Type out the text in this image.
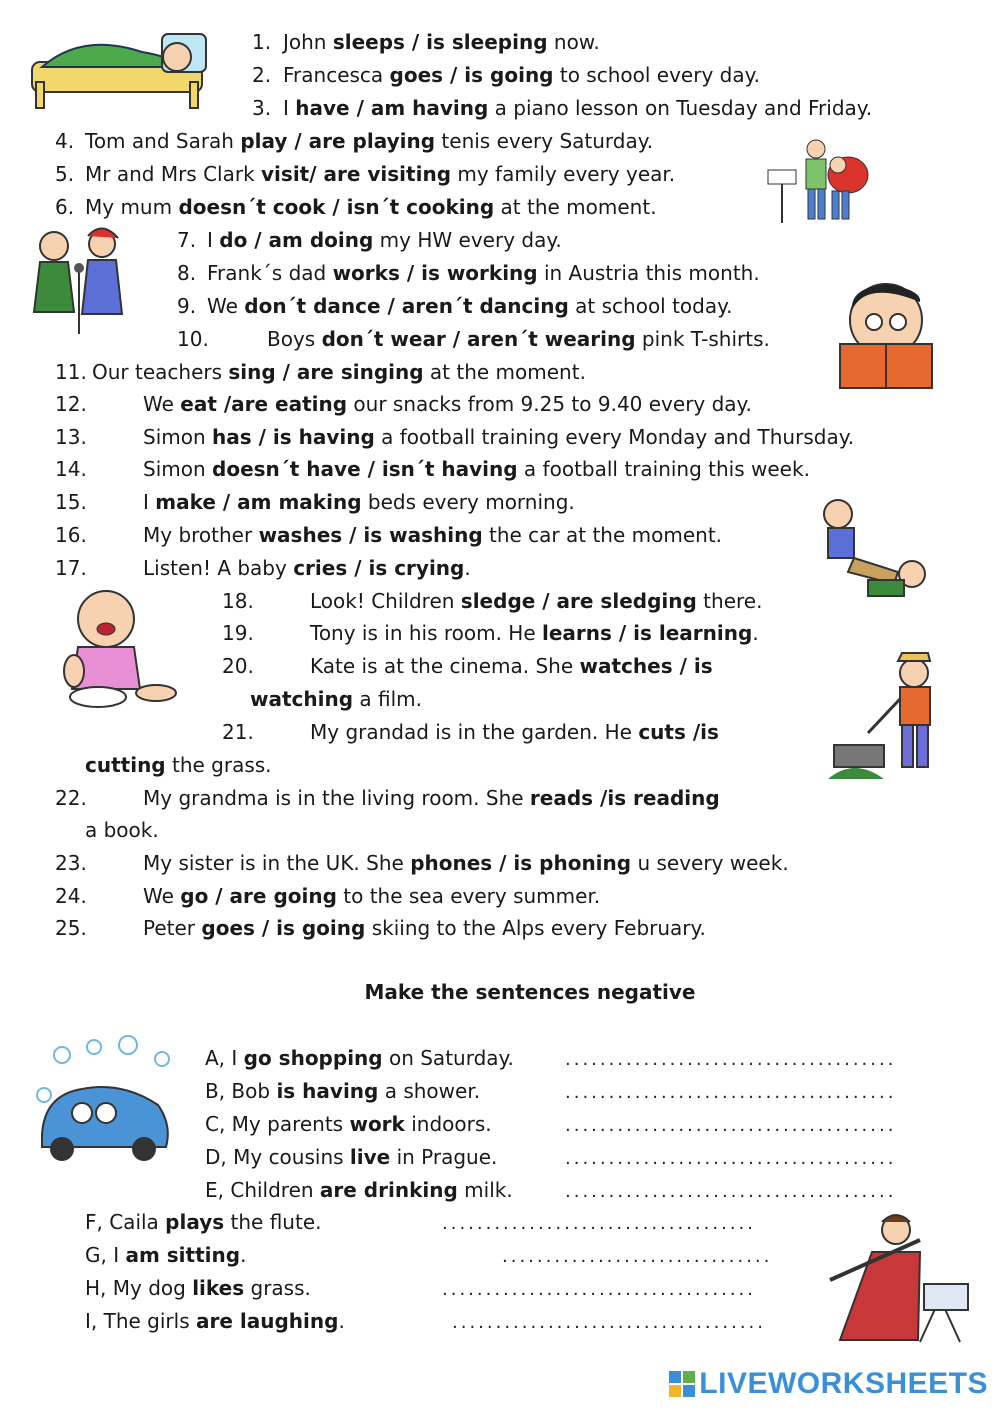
1. John sleeps / is sleeping now.
2. Francesca goes / is going to school every day.
3. I have / am having a piano lesson on Tuesday and Friday.
4. Tom and Sarah play / are playing tenis every Saturday.
5. Mr and Mrs Clark visit/ are visiting my family every year.
6. My mum doesn´t cook / isn´t cooking at the moment.
7. I do / am doing my HW every day.
8. Frank´s dad works / is working in Austria this month.
9. We don´t dance / aren´t dancing at school today.
10.	Boys don´t wear / aren´t wearing pink T-shirts.
11. Our teachers sing / are singing at the moment.
12.	We eat /are eating our snacks from 9.25 to 9.40 every day.
13.	Simon has / is having a football training every Monday and Thursday.
14.	Simon doesn´t have / isn´t having a football training this week.
15.	I make / am making beds every morning.
16.	My brother washes / is washing the car at the moment.
17.	Listen! A baby cries / is crying.
18.	Look! Children sledge / are sledging there.
19.	Tony is in his room. He learns / is learning.
20.	Kate is at the cinema. She watches / is
watching a film.
21.	My grandad is in the garden. He cuts /is
cutting the grass.
22.	My grandma is in the living room. She reads /is reading
a book.
23.	My sister is in the UK. She phones / is phoning u severy week.
24.	We go / are going to the sea every summer.
25.	Peter goes / is going skiing to the Alps every February.
Make the sentences negative
A, I go shopping on Saturday.	......................................
B, Bob is having a shower.	......................................
C, My parents work indoors.	......................................
D, My cousins live in Prague.	......................................
E, Children are drinking milk.	......................................
F, Caila plays the flute.	....................................
G, I am sitting.	...............................
H, My dog likes grass.	....................................
I, The girls are laughing.	....................................
LIVEWORKSHEETS
